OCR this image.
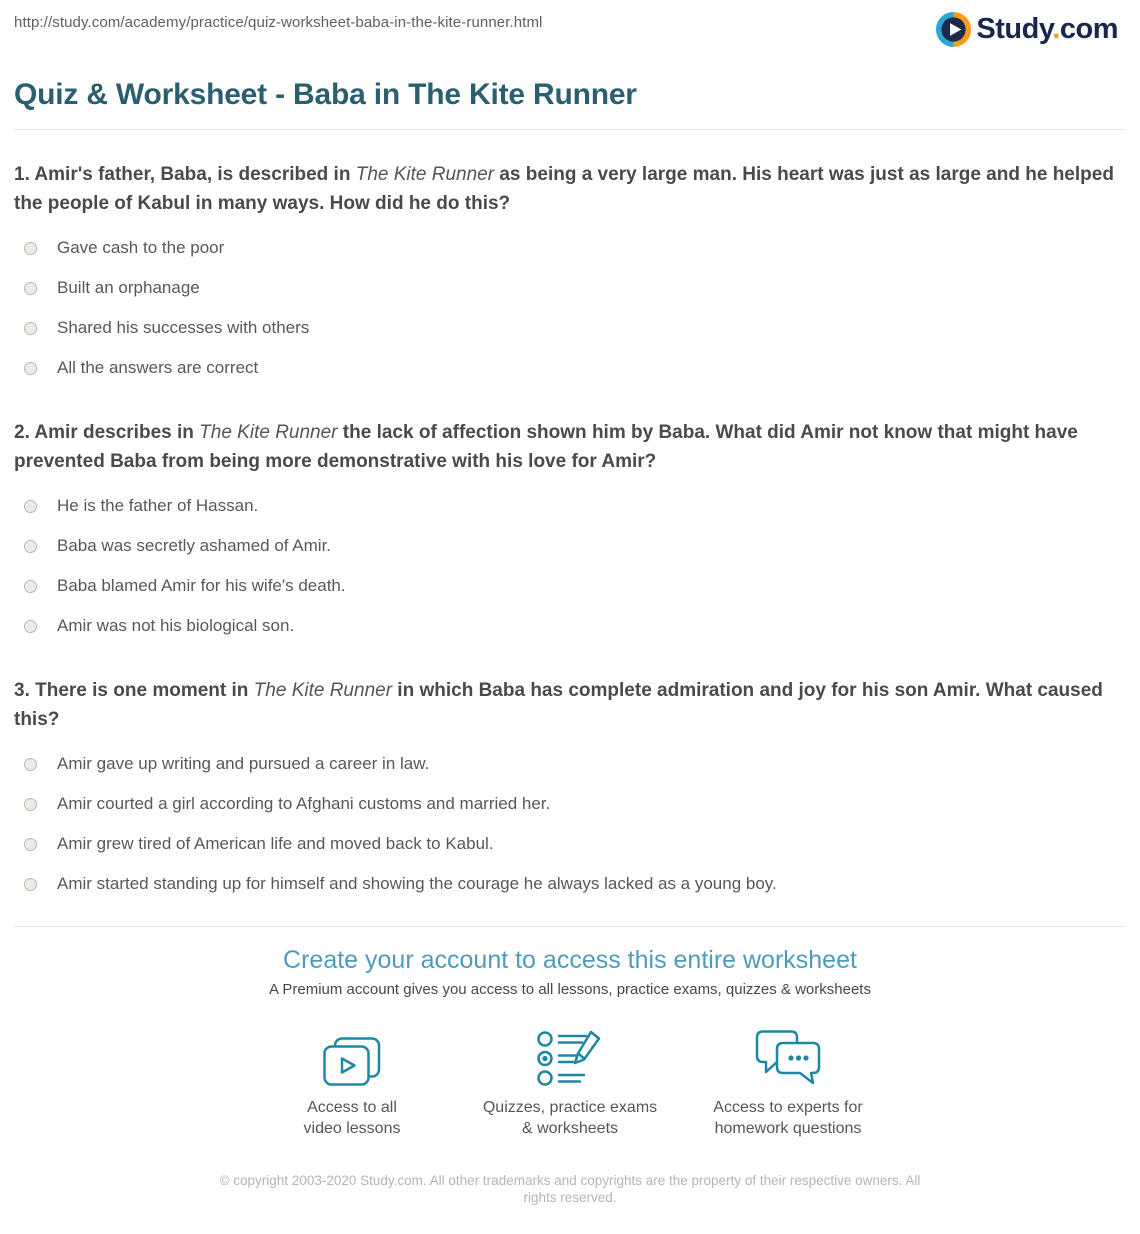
http://study.com/academy/practice/quiz-worksheet-baba-in-the-kite-runner.html	Study.com
Quiz & Worksheet - Baba in The Kite Runner

1. Amir's father, Baba, is described in The Kite Runner as being a very large man. His heart was just as large and he helped the people of Kabul in many ways. How did he do this?

Gave cash to the poor
Built an orphanage
Shared his successes with others
All the answers are correct

2. Amir describes in The Kite Runner the lack of affection shown him by Baba. What did Amir not know that might have prevented Baba from being more demonstrative with his love for Amir?

He is the father of Hassan.
Baba was secretly ashamed of Amir.
Baba blamed Amir for his wife's death.
Amir was not his biological son.

3. There is one moment in The Kite Runner in which Baba has complete admiration and joy for his son Amir. What caused this?

Amir gave up writing and pursued a career in law.
Amir courted a girl according to Afghani customs and married her.
Amir grew tired of American life and moved back to Kabul.
Amir started standing up for himself and showing the courage he always lacked as a young boy.
Create your account to access this entire worksheet
A Premium account gives you access to all lessons, practice exams, quizzes & worksheets
Access to all
video lessons
Quizzes, practice exams
& worksheets
Access to experts for
homework questions
© copyright 2003-2020 Study.com. All other trademarks and copyrights are the property of their respective owners. All rights reserved.
